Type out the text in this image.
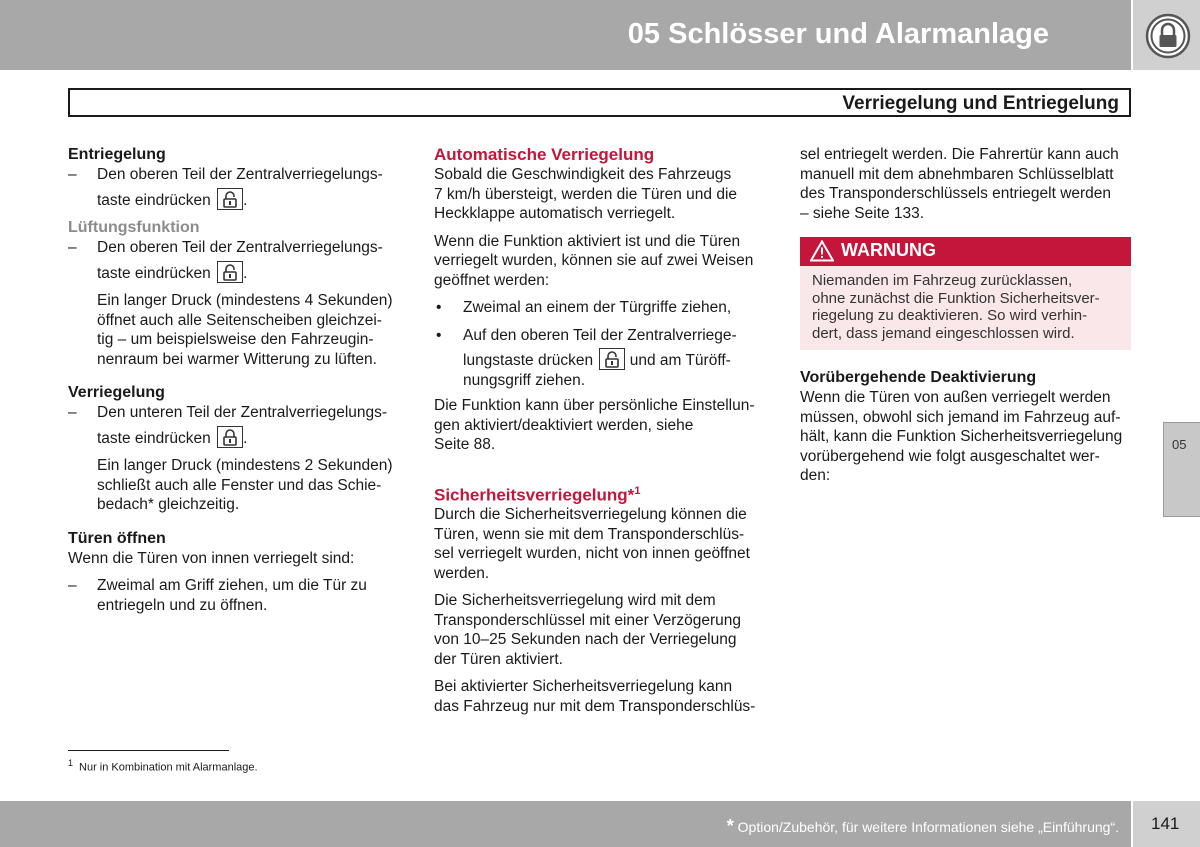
05 Schlösser und Alarmanlage
Verriegelung und Entriegelung
Entriegelung
– Den oberen Teil der Zentralverriegelungs-
taste eindrücken .
Lüftungsfunktion
– Den oberen Teil der Zentralverriegelungs-
taste eindrücken .
Ein langer Druck (mindestens 4 Sekunden)
öffnet auch alle Seitenscheiben gleichzei-
tig – um beispielsweise den Fahrzeugin-
nenraum bei warmer Witterung zu lüften.
Verriegelung
– Den unteren Teil der Zentralverriegelungs-
taste eindrücken .
Ein langer Druck (mindestens 2 Sekunden)
schließt auch alle Fenster und das Schie-
bedach* gleichzeitig.
Türen öffnen
Wenn die Türen von innen verriegelt sind:
– Zweimal am Griff ziehen, um die Tür zu
entriegeln und zu öffnen.
Automatische Verriegelung
Sobald die Geschwindigkeit des Fahrzeugs
7 km/h übersteigt, werden die Türen und die
Heckklappe automatisch verriegelt.
Wenn die Funktion aktiviert ist und die Türen
verriegelt wurden, können sie auf zwei Weisen
geöffnet werden:
• Zweimal an einem der Türgriffe ziehen,
• Auf den oberen Teil der Zentralverriege-
lungstaste drücken und am Türöff-
nungsgriff ziehen.
Die Funktion kann über persönliche Einstellun-
gen aktiviert/deaktiviert werden, siehe
Seite 88.
Sicherheitsverriegelung*$^1$
Durch die Sicherheitsverriegelung können die
Türen, wenn sie mit dem Transponderschlüs-
sel verriegelt wurden, nicht von innen geöffnet
werden.
Die Sicherheitsverriegelung wird mit dem
Transponderschlüssel mit einer Verzögerung
von 10–25 Sekunden nach der Verriegelung
der Türen aktiviert.
Bei aktivierter Sicherheitsverriegelung kann
das Fahrzeug nur mit dem Transponderschlüs-
sel entriegelt werden. Die Fahrertür kann auch
manuell mit dem abnehmbaren Schlüsselblatt
des Transponderschlüssels entriegelt werden
– siehe Seite 133.
WARNUNG
Niemanden im Fahrzeug zurücklassen,
ohne zunächst die Funktion Sicherheitsver-
riegelung zu deaktivieren. So wird verhin-
dert, dass jemand eingeschlossen wird.
Vorübergehende Deaktivierung
Wenn die Türen von außen verriegelt werden
müssen, obwohl sich jemand im Fahrzeug auf-
hält, kann die Funktion Sicherheitsverriegelung
vorübergehend wie folgt ausgeschaltet wer-
den:
05
$^1$ Nur in Kombination mit Alarmanlage.
* Option/Zubehör, für weitere Informationen siehe „Einführung“. 141
